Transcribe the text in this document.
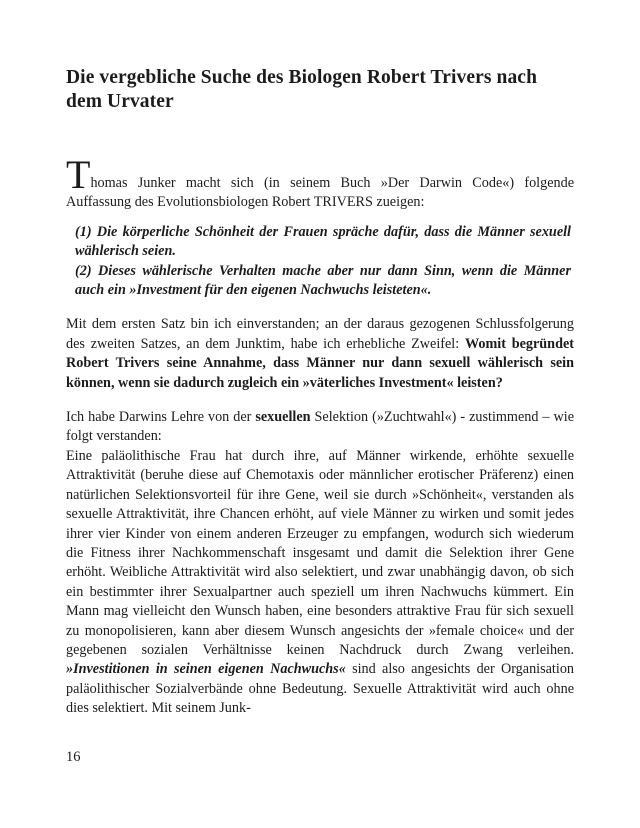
Die vergebliche Suche des Biologen Robert Trivers nach
dem Urvater

Thomas Junker macht sich (in seinem Buch »Der Darwin Code«) folgende Auffassung des Evolutionsbiologen Robert TRIVERS zueigen:

(1) Die körperliche Schönheit der Frauen spräche dafür, dass die Männer sexuell wählerisch seien.

(2) Dieses wählerische Verhalten mache aber nur dann Sinn, wenn die Männer auch ein »Investment für den eigenen Nachwuchs leisteten«.

Mit dem ersten Satz bin ich einverstanden; an der daraus gezogenen Schlussfolgerung des zweiten Satzes, an dem Junktim, habe ich erhebliche Zweifel: Womit begründet Robert Trivers seine Annahme, dass Männer nur dann sexuell wählerisch sein können, wenn sie dadurch zugleich ein »väterliches Investment« leisten?

Ich habe Darwins Lehre von der sexuellen Selektion (»Zuchtwahl«) - zustimmend – wie folgt verstanden:

Eine paläolithische Frau hat durch ihre, auf Männer wirkende, erhöhte sexuelle Attraktivität (beruhe diese auf Chemotaxis oder männlicher erotischer Präferenz) einen natürlichen Selektionsvorteil für ihre Gene, weil sie durch »Schönheit«, verstanden als sexuelle Attraktivität, ihre Chancen erhöht, auf viele Männer zu wirken und somit jedes ihrer vier Kinder von einem anderen Erzeuger zu empfangen, wodurch sich wiederum die Fitness ihrer Nachkommenschaft insgesamt und damit die Selektion ihrer Gene erhöht. Weibliche Attraktivität wird also selektiert, und zwar unabhängig davon, ob sich ein bestimmter ihrer Sexualpartner auch speziell um ihren Nachwuchs kümmert. Ein Mann mag vielleicht den Wunsch haben, eine besonders attraktive Frau für sich sexuell zu monopolisieren, kann aber diesem Wunsch angesichts der »female choice« und der gegebenen sozialen Verhältnisse keinen Nachdruck durch Zwang verleihen. »Investitionen in seinen eigenen Nachwuchs« sind also angesichts der Organisation paläolithischer Sozialverbände ohne Bedeutung. Sexuelle Attraktivität wird auch ohne dies selektiert. Mit seinem Junk-

16
